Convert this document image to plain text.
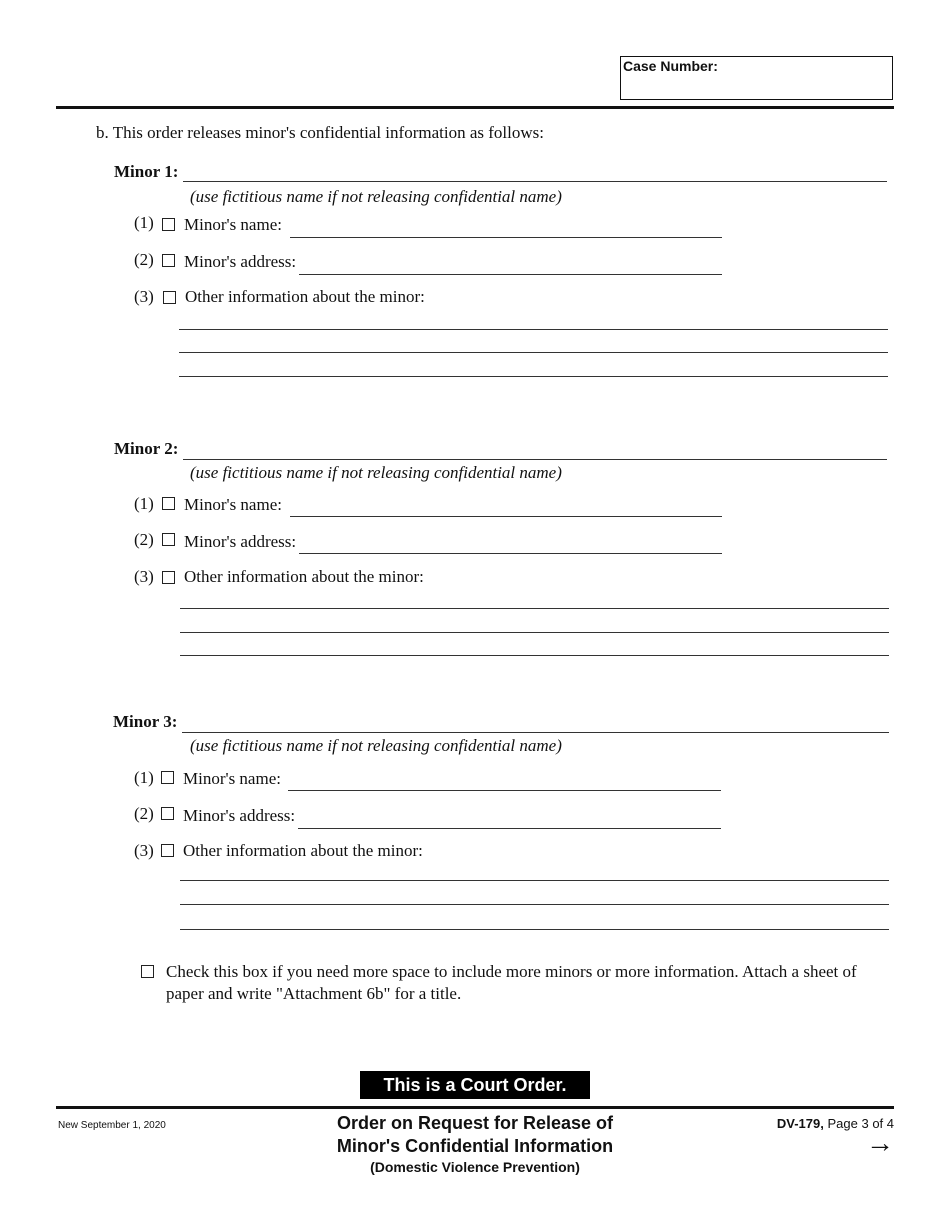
Case Number:
b. This order releases minor's confidential information as follows:
Minor 1:
(use fictitious name if not releasing confidential name)
(1) Minor's name:
(2) Minor's address:
(3) Other information about the minor:
Minor 2:
(use fictitious name if not releasing confidential name)
(1) Minor's name:
(2) Minor's address:
(3) Other information about the minor:
Minor 3:
(use fictitious name if not releasing confidential name)
(1) Minor's name:
(2) Minor's address:
(3) Other information about the minor:
Check this box if you need more space to include more minors or more information. Attach a sheet of
paper and write "Attachment 6b" for a title.
This is a Court Order.
New September 1, 2020	Order on Request for Release of
Minor's Confidential Information
(Domestic Violence Prevention)
DV-179, Page 3 of 4
→
